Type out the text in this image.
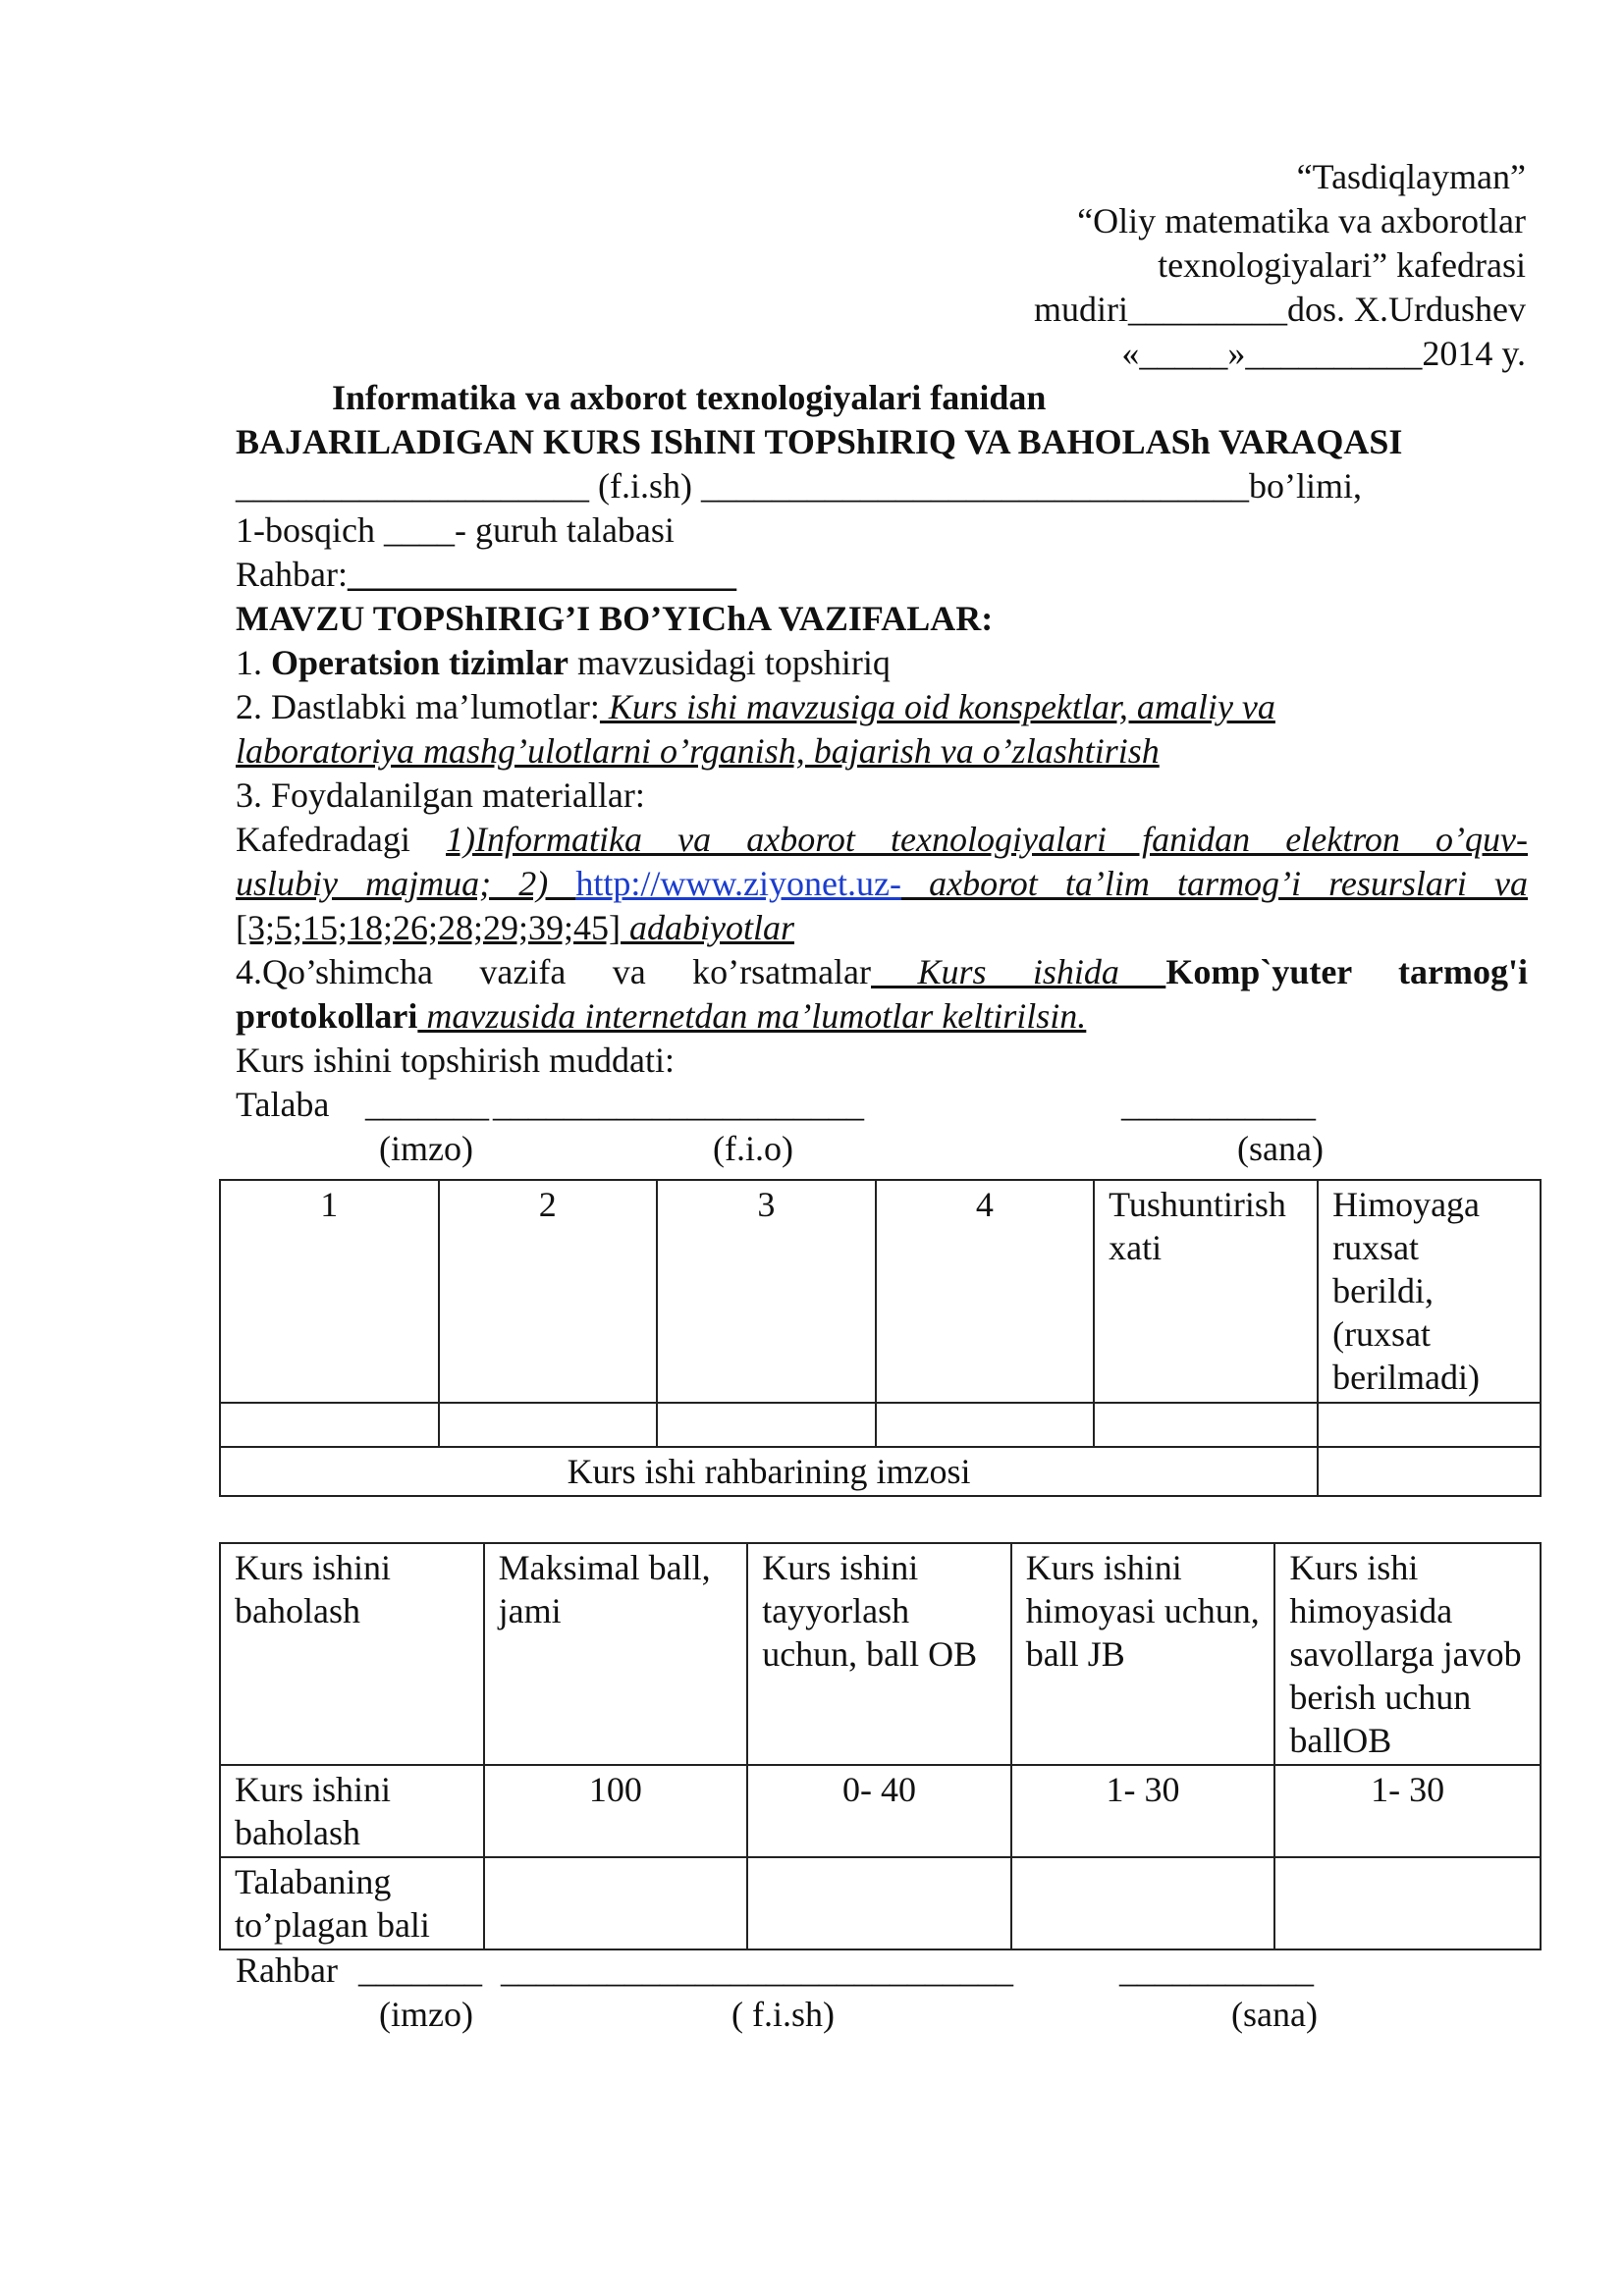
“Tasdiqlayman”
“Oliy matematika va axborotlar
texnologiyalari” kafedrasi
mudiri_________dos. X.Urdushev
«_____»__________2014 y.
Informatika va axborot texnologiyalari fanidan
BAJARILADIGAN KURS IShINI TOPShIRIQ VA BAHOLASh VARAQASI
____________________ (f.i.sh) _______________________________bo’limi,
1-bosqich ____- guruh talabasi
Rahbar:______________________
MAVZU TOPShIRIG’I BO’YIChA VAZIFALAR:
1. Operatsion tizimlar mavzusidagi topshiriq
2. Dastlabki ma’lumotlar: Kurs ishi mavzusiga oid konspektlar, amaliy va
laboratoriya mashg’ulotlarni o’rganish, bajarish va o’zlashtirish
3. Foydalanilgan materiallar:
Kafedradagi 1)Informatika va axborot texnologiyalari fanidan elektron o’quv-
uslubiy majmua; 2) http://www.ziyonet.uz- axborot ta’lim tarmog’i resurslari va
[3;5;15;18;26;28;29;39;45] adabiyotlar
4.Qo’shimcha vazifa va ko’rsatmalar Kurs ishida Komp`yuter tarmog'i
protokollari mavzusida internetdan ma’lumotlar keltirilsin.
Kurs ishini topshirish muddati:
Talaba _______ _____________________	___________
(imzo)	(f.i.o)	(sana)
1	2	3	4	Tushuntirish xati	Himoyaga ruxsat berildi, (ruxsat berilmadi)

Kurs ishi rahbarining imzosi					
Kurs ishini baholash	Maksimal ball, jami	Kurs ishini tayyorlash uchun, ball OB	Kurs ishini himoyasi uchun, ball JB	Kurs ishi himoyasida savollarga javob berish uchun ballOB
Kurs ishini baholash	100	0- 40	1- 30	1- 30
Talabaning to’plagan bali				
Rahbar _______ _____________________________	___________
(imzo)	( f.i.sh)	(sana)
